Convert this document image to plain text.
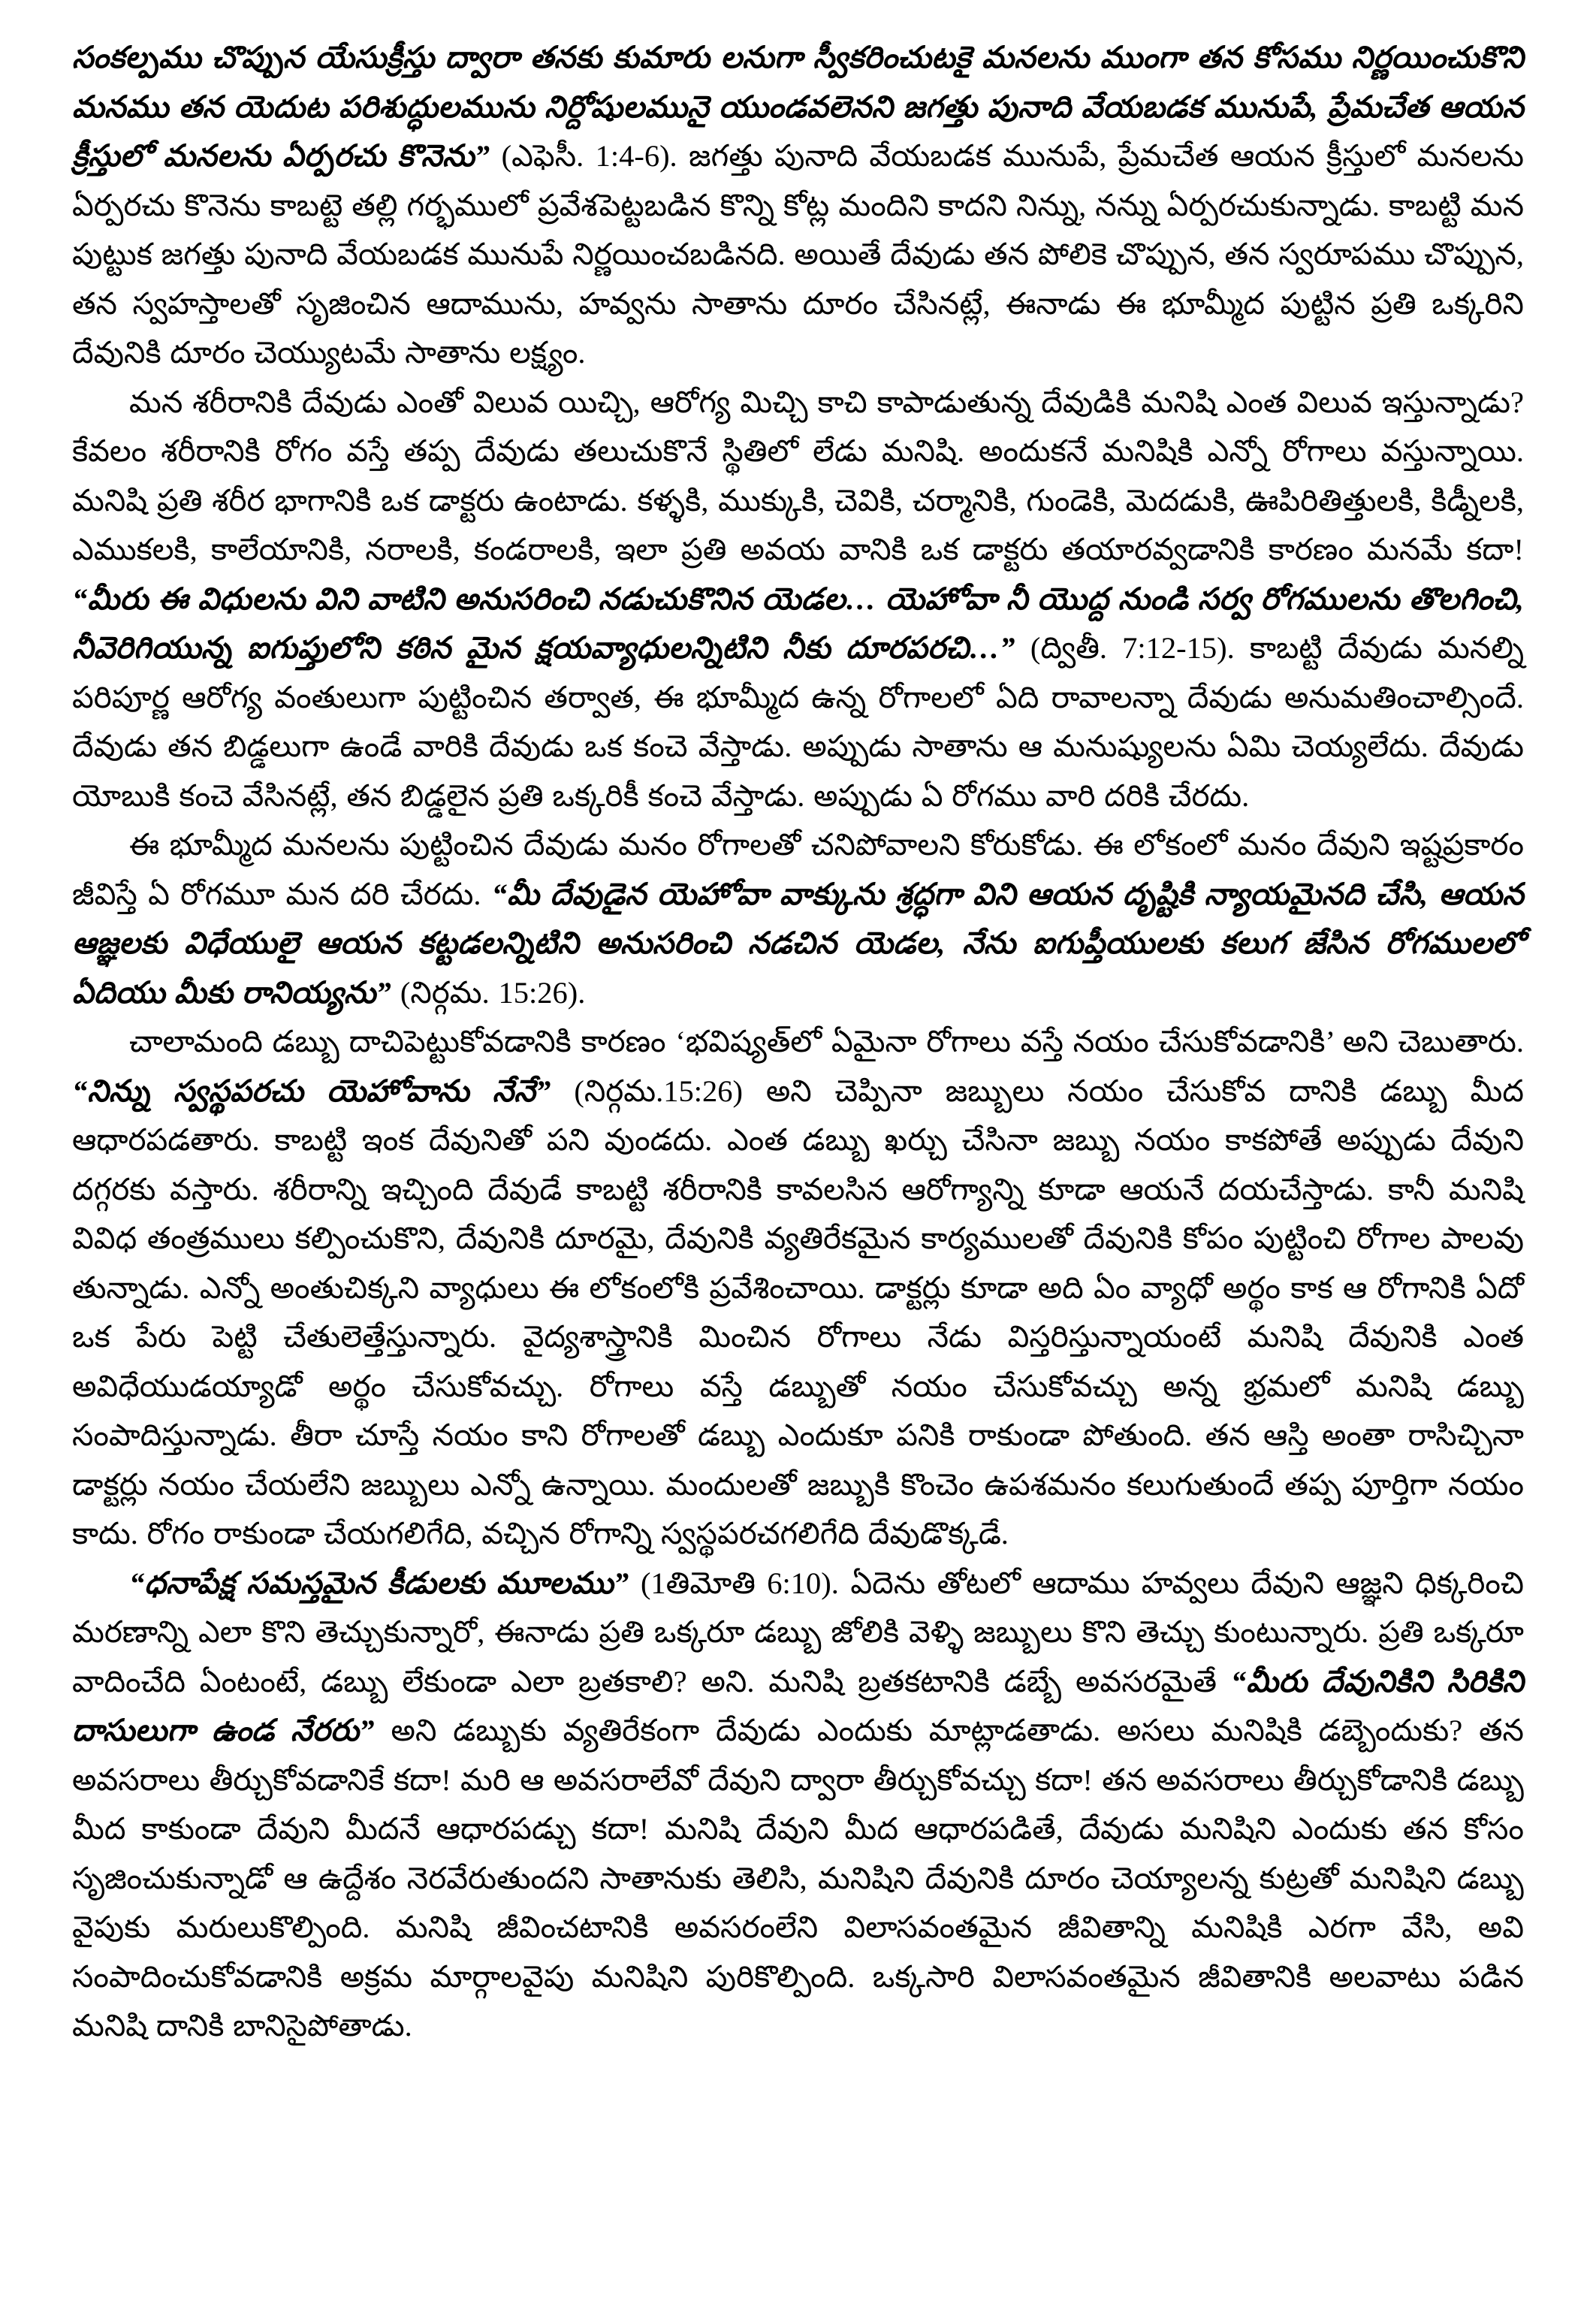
సంకల్పము చొప్పున యేసుక్రీస్తు ద్వారా తనకు కుమారు లనుగా స్వీకరించుటకై మనలను ముంగా తన కోసము నిర్ణయించుకొని మనము తన యెదుట పరిశుద్ధులమును నిర్దోషులమునై యుండవలెనని జగత్తు పునాది వేయబడక మునుపే, ప్రేమచేత ఆయన క్రీస్తులో మనలను ఏర్పరచు కొనెను” (ఎఫెసీ. 1:4-6). జగత్తు పునాది వేయబడక మునుపే, ప్రేమచేత ఆయన క్రీస్తులో మనలను ఏర్పరచు కొనెను కాబట్టె తల్లి గర్భములో ప్రవేశపెట్టబడిన కొన్ని కోట్ల మందిని కాదని నిన్ను, నన్ను ఏర్పరచుకున్నాడు. కాబట్టి మన పుట్టుక జగత్తు పునాది వేయబడక మునుపే నిర్ణయించబడినది. అయితే దేవుడు తన పోలికె చొప్పున, తన స్వరూపము చొప్పున, తన స్వహస్తాలతో సృజించిన ఆదామును, హవ్వను సాతాను దూరం చేసినట్లే, ఈనాడు ఈ భూమ్మీద పుట్టిన ప్రతి ఒక్కరిని దేవునికి దూరం చెయ్యుటమే సాతాను లక్ష్యం.

మన శరీరానికి దేవుడు ఎంతో విలువ యిచ్చి, ఆరోగ్య మిచ్చి కాచి కాపాడుతున్న దేవుడికి మనిషి ఎంత విలువ ఇస్తున్నాడు? కేవలం శరీరానికి రోగం వస్తే తప్ప దేవుడు తలుచుకొనే స్థితిలో లేడు మనిషి. అందుకనే మనిషికి ఎన్నో రోగాలు వస్తున్నాయి. మనిషి ప్రతి శరీర భాగానికి ఒక డాక్టరు ఉంటాడు. కళ్ళకి, ముక్కుకి, చెవికి, చర్మానికి, గుండెకి, మెదడుకి, ఊపిరితిత్తులకి, కిడ్నీలకి, ఎముకలకి, కాలేయానికి, నరాలకి, కండరాలకి, ఇలా ప్రతి అవయ వానికి ఒక డాక్టరు తయారవ్వడానికి కారణం మనమే కదా! “మీరు ఈ విధులను విని వాటిని అనుసరించి నడుచుకొనిన యెడల… యెహోవా నీ యొద్ద నుండి సర్వ రోగములను తొలగించి, నీవెరిగియున్న ఐగుప్తులోని కఠిన మైన క్షయవ్యాధులన్నిటిని నీకు దూరపరచి…” (ద్వితీ. 7:12-15). కాబట్టి దేవుడు మనల్ని పరిపూర్ణ ఆరోగ్య వంతులుగా పుట్టించిన తర్వాత, ఈ భూమ్మీద ఉన్న రోగాలలో ఏది రావాలన్నా దేవుడు అనుమతించాల్సిందే. దేవుడు తన బిడ్డలుగా ఉండే వారికి దేవుడు ఒక కంచె వేస్తాడు. అప్పుడు సాతాను ఆ మనుష్యులను ఏమి చెయ్యలేదు. దేవుడు యోబుకి కంచె వేసినట్లే, తన బిడ్డలైన ప్రతి ఒక్కరికీ కంచె వేస్తాడు. అప్పుడు ఏ రోగము వారి దరికి చేరదు.

ఈ భూమ్మీద మనలను పుట్టించిన దేవుడు మనం రోగాలతో చనిపోవాలని కోరుకోడు. ఈ లోకంలో మనం దేవుని ఇష్టప్రకారం జీవిస్తే ఏ రోగమూ మన దరి చేరదు. “మీ దేవుడైన యెహోవా వాక్కును శ్రద్ధగా విని ఆయన దృష్టికి న్యాయమైనది చేసి, ఆయన ఆజ్ఞలకు విధేయులై ఆయన కట్టడలన్నిటిని అనుసరించి నడచిన యెడల, నేను ఐగుప్తీయులకు కలుగ జేసిన రోగములలో ఏదియు మీకు రానియ్యను” (నిర్గమ. 15:26).

చాలామంది డబ్బు దాచిపెట్టుకోవడానికి కారణం ‘భవిష్యత్‌లో ఏమైనా రోగాలు వస్తే నయం చేసుకోవడానికి’ అని చెబుతారు. “నిన్ను స్వస్థపరచు యెహోవాను నేనే” (నిర్గమ.15:26) అని చెప్పినా జబ్బులు నయం చేసుకోవ దానికి డబ్బు మీద ఆధారపడతారు. కాబట్టి ఇంక దేవునితో పని వుండదు. ఎంత డబ్బు ఖర్చు చేసినా జబ్బు నయం కాకపోతే అప్పుడు దేవుని దగ్గరకు వస్తారు. శరీరాన్ని ఇచ్చింది దేవుడే కాబట్టి శరీరానికి కావలసిన ఆరోగ్యాన్ని కూడా ఆయనే దయచేస్తాడు. కానీ మనిషి వివిధ తంత్రములు కల్పించుకొని, దేవునికి దూరమై, దేవునికి వ్యతిరేకమైన కార్యములతో దేవునికి కోపం పుట్టించి రోగాల పాలవు తున్నాడు. ఎన్నో అంతుచిక్కని వ్యాధులు ఈ లోకంలోకి ప్రవేశించాయి. డాక్టర్లు కూడా అది ఏం వ్యాధో అర్థం కాక ఆ రోగానికి ఏదో ఒక పేరు పెట్టి చేతులెత్తేస్తున్నారు. వైద్యశాస్త్రానికి మించిన రోగాలు నేడు విస్తరిస్తున్నాయంటే మనిషి దేవునికి ఎంత అవిధేయుడయ్యాడో అర్థం చేసుకోవచ్చు. రోగాలు వస్తే డబ్బుతో నయం చేసుకోవచ్చు అన్న భ్రమలో మనిషి డబ్బు సంపాదిస్తున్నాడు. తీరా చూస్తే నయం కాని రోగాలతో డబ్బు ఎందుకూ పనికి రాకుండా పోతుంది. తన ఆస్తి అంతా రాసిచ్చినా డాక్టర్లు నయం చేయలేని జబ్బులు ఎన్నో ఉన్నాయి. మందులతో జబ్బుకి కొంచెం ఉపశమనం కలుగుతుందే తప్ప పూర్తిగా నయం కాదు. రోగం రాకుండా చేయగలిగేది, వచ్చిన రోగాన్ని స్వస్థపరచగలిగేది దేవుడొక్కడే.

“ధనాపేక్ష సమస్తమైన కీడులకు మూలము” (1తిమోతి 6:10). ఏదెను తోటలో ఆదాము హవ్వలు దేవుని ఆజ్ఞని ధిక్కరించి మరణాన్ని ఎలా కొని తెచ్చుకున్నారో, ఈనాడు ప్రతి ఒక్కరూ డబ్బు జోలికి వెళ్ళి జబ్బులు కొని తెచ్చు కుంటున్నారు. ప్రతి ఒక్కరూ వాదించేది ఏంటంటే, డబ్బు లేకుండా ఎలా బ్రతకాలి? అని. మనిషి బ్రతకటానికి డబ్బే అవసరమైతే “మీరు దేవునికిని సిరికిని దాసులుగా ఉండ నేరరు” అని డబ్బుకు వ్యతిరేకంగా దేవుడు ఎందుకు మాట్లాడతాడు. అసలు మనిషికి డబ్బెందుకు? తన అవసరాలు తీర్చుకోవడానికే కదా! మరి ఆ అవసరాలేవో దేవుని ద్వారా తీర్చుకోవచ్చు కదా! తన అవసరాలు తీర్చుకోడానికి డబ్బు మీద కాకుండా దేవుని మీదనే ఆధారపడ్చు కదా! మనిషి దేవుని మీద ఆధారపడితే, దేవుడు మనిషిని ఎందుకు తన కోసం సృజించుకున్నాడో ఆ ఉద్దేశం నెరవేరుతుందని సాతానుకు తెలిసి, మనిషిని దేవునికి దూరం చెయ్యాలన్న కుట్రతో మనిషిని డబ్బు వైపుకు మరులుకొల్పింది. మనిషి జీవించటానికి అవసరంలేని విలాసవంతమైన జీవితాన్ని మనిషికి ఎరగా వేసి, అవి సంపాదించుకోవడానికి అక్రమ మార్గాలవైపు మనిషిని పురికొల్పింది. ఒక్కసారి విలాసవంతమైన జీవితానికి అలవాటు పడిన మనిషి దానికి బానిసైపోతాడు.
